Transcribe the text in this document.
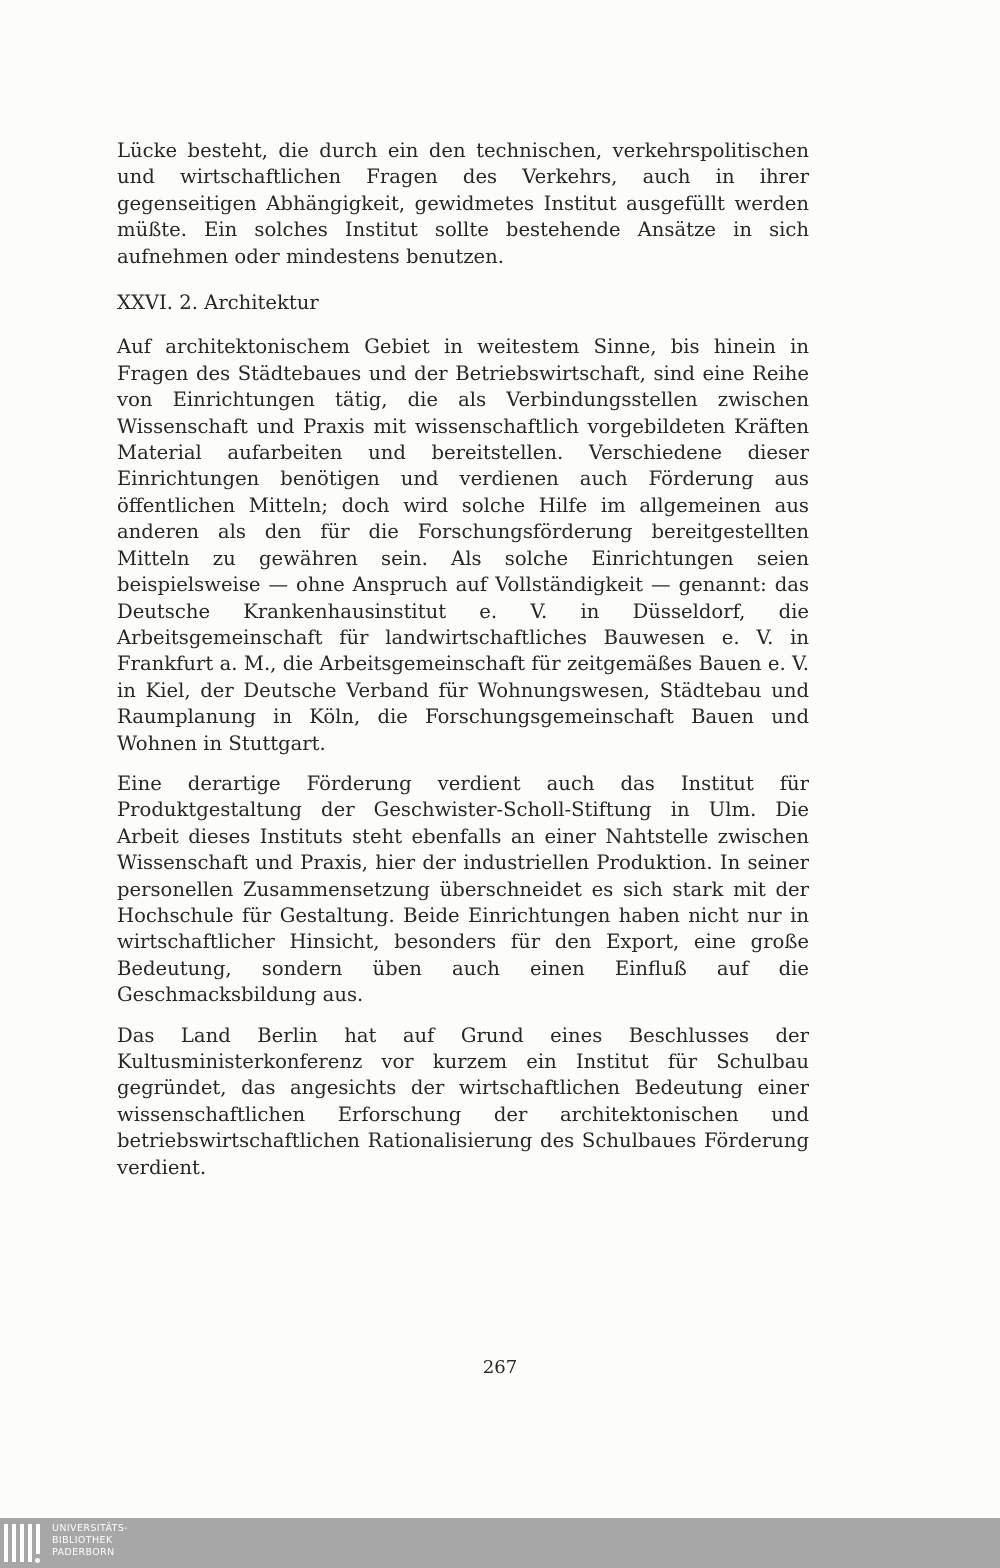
Lücke besteht, die durch ein den technischen, verkehrspolitischen und wirtschaftlichen Fragen des Verkehrs, auch in ihrer gegenseitigen Abhängigkeit, gewidmetes Institut ausgefüllt werden müßte. Ein solches Institut sollte bestehende Ansätze in sich aufnehmen oder mindestens benutzen.

XXVI. 2. Architektur

Auf architektonischem Gebiet in weitestem Sinne, bis hinein in Fragen des Städtebaues und der Betriebswirtschaft, sind eine Reihe von Einrichtungen tätig, die als Verbindungsstellen zwischen Wissenschaft und Praxis mit wissenschaftlich vorgebildeten Kräften Material aufarbeiten und bereitstellen. Verschiedene dieser Einrichtungen benötigen und verdienen auch Förderung aus öffentlichen Mitteln; doch wird solche Hilfe im allgemeinen aus anderen als den für die Forschungsförderung bereitgestellten Mitteln zu gewähren sein. Als solche Einrichtungen seien beispielsweise — ohne Anspruch auf Vollständigkeit — genannt: das Deutsche Krankenhausinstitut e. V. in Düsseldorf, die Arbeitsgemeinschaft für landwirtschaftliches Bauwesen e. V. in Frankfurt a. M., die Arbeitsgemeinschaft für zeitgemäßes Bauen e. V. in Kiel, der Deutsche Verband für Wohnungswesen, Städtebau und Raumplanung in Köln, die Forschungsgemeinschaft Bauen und Wohnen in Stuttgart.

Eine derartige Förderung verdient auch das Institut für Produktgestaltung der Geschwister-Scholl-Stiftung in Ulm. Die Arbeit dieses Instituts steht ebenfalls an einer Nahtstelle zwischen Wissenschaft und Praxis, hier der industriellen Produktion. In seiner personellen Zusammensetzung überschneidet es sich stark mit der Hochschule für Gestaltung. Beide Einrichtungen haben nicht nur in wirtschaftlicher Hinsicht, besonders für den Export, eine große Bedeutung, sondern üben auch einen Einfluß auf die Geschmacksbildung aus.

Das Land Berlin hat auf Grund eines Beschlusses der Kultusministerkonferenz vor kurzem ein Institut für Schulbau gegründet, das angesichts der wirtschaftlichen Bedeutung einer wissenschaftlichen Erforschung der architektonischen und betriebswirtschaftlichen Rationalisierung des Schulbaues Förderung verdient.

267
UNIVERSITÄTS-
BIBLIOTHEK
PADERBORN
